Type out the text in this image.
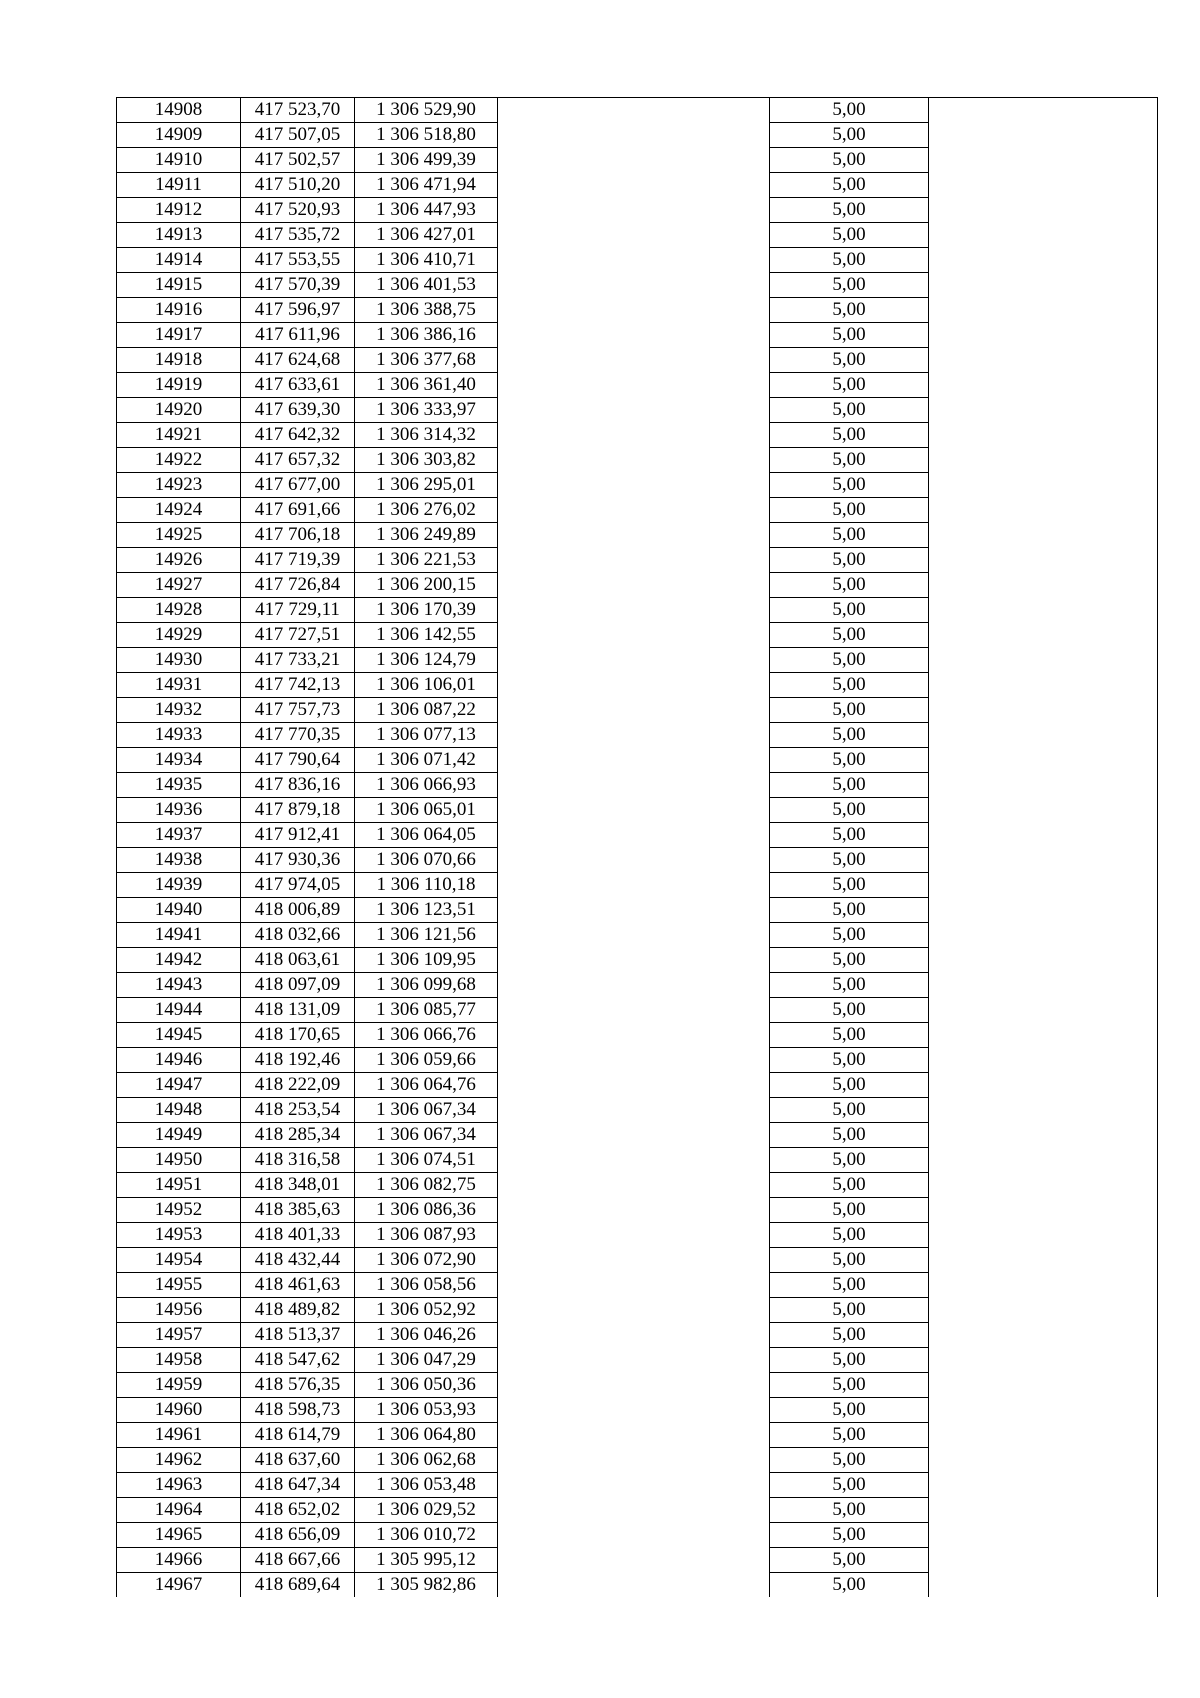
14908	417 523,70	1 306 529,90		5,00	
14909	417 507,05	1 306 518,80		5,00	
14910	417 502,57	1 306 499,39		5,00	
14911	417 510,20	1 306 471,94		5,00	
14912	417 520,93	1 306 447,93		5,00	
14913	417 535,72	1 306 427,01		5,00	
14914	417 553,55	1 306 410,71		5,00	
14915	417 570,39	1 306 401,53		5,00	
14916	417 596,97	1 306 388,75		5,00	
14917	417 611,96	1 306 386,16		5,00	
14918	417 624,68	1 306 377,68		5,00	
14919	417 633,61	1 306 361,40		5,00	
14920	417 639,30	1 306 333,97		5,00	
14921	417 642,32	1 306 314,32		5,00	
14922	417 657,32	1 306 303,82		5,00	
14923	417 677,00	1 306 295,01		5,00	
14924	417 691,66	1 306 276,02		5,00	
14925	417 706,18	1 306 249,89		5,00	
14926	417 719,39	1 306 221,53		5,00	
14927	417 726,84	1 306 200,15		5,00	
14928	417 729,11	1 306 170,39		5,00	
14929	417 727,51	1 306 142,55		5,00	
14930	417 733,21	1 306 124,79		5,00	
14931	417 742,13	1 306 106,01		5,00	
14932	417 757,73	1 306 087,22		5,00	
14933	417 770,35	1 306 077,13		5,00	
14934	417 790,64	1 306 071,42		5,00	
14935	417 836,16	1 306 066,93		5,00	
14936	417 879,18	1 306 065,01		5,00	
14937	417 912,41	1 306 064,05		5,00	
14938	417 930,36	1 306 070,66		5,00	
14939	417 974,05	1 306 110,18		5,00	
14940	418 006,89	1 306 123,51		5,00	
14941	418 032,66	1 306 121,56		5,00	
14942	418 063,61	1 306 109,95		5,00	
14943	418 097,09	1 306 099,68		5,00	
14944	418 131,09	1 306 085,77		5,00	
14945	418 170,65	1 306 066,76		5,00	
14946	418 192,46	1 306 059,66		5,00	
14947	418 222,09	1 306 064,76		5,00	
14948	418 253,54	1 306 067,34		5,00	
14949	418 285,34	1 306 067,34		5,00	
14950	418 316,58	1 306 074,51		5,00	
14951	418 348,01	1 306 082,75		5,00	
14952	418 385,63	1 306 086,36		5,00	
14953	418 401,33	1 306 087,93		5,00	
14954	418 432,44	1 306 072,90		5,00	
14955	418 461,63	1 306 058,56		5,00	
14956	418 489,82	1 306 052,92		5,00	
14957	418 513,37	1 306 046,26		5,00	
14958	418 547,62	1 306 047,29		5,00	
14959	418 576,35	1 306 050,36		5,00	
14960	418 598,73	1 306 053,93		5,00	
14961	418 614,79	1 306 064,80		5,00	
14962	418 637,60	1 306 062,68		5,00	
14963	418 647,34	1 306 053,48		5,00	
14964	418 652,02	1 306 029,52		5,00	
14965	418 656,09	1 306 010,72		5,00	
14966	418 667,66	1 305 995,12		5,00	
14967	418 689,64	1 305 982,86		5,00	
